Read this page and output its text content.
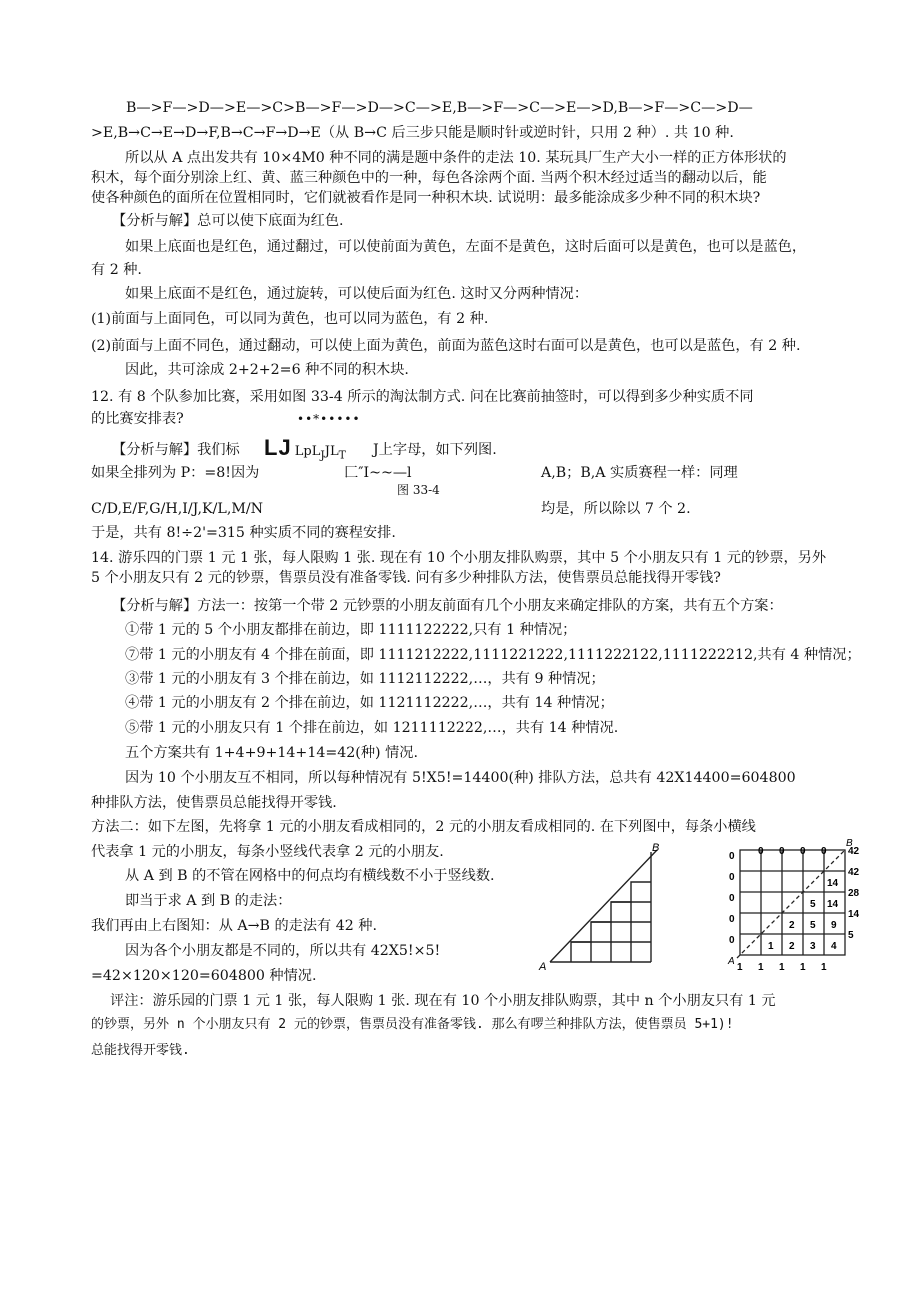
B—>F—>D—>E—>C>B—>F—>D—>C—>E,B—>F—>C—>E—>D,B—>F—>C—>D—
>E,B→C→E→D→F,B→C→F→D→E（从 B→C 后三步只能是顺时针或逆时针，只用 2 种）. 共 10 种.
所以从 A 点出发共有 10×4M0 种不同的满是题中条件的走法 10. 某玩具厂生产大小一样的正方体形状的
积木，每个面分别涂上红、黄、蓝三种颜色中的一种，每色各涂两个面. 当两个积木经过适当的翻动以后，能
使各种颜色的面所在位置相同时，它们就被看作是同一种积木块. 试说明：最多能涂成多少种不同的积木块?
【分析与解】总可以使下底面为红色.
如果上底面也是红色，通过翻过，可以使前面为黄色，左面不是黄色，这时后面可以是黄色，也可以是蓝色，
有 2 种.
如果上底面不是红色，通过旋转，可以使后面为红色. 这时又分两种情况：
(1)前面与上面同色，可以同为黄色，也可以同为蓝色，有 2 种.
(2)前面与上面不同色，通过翻动，可以使上面为黄色，前面为蓝色这时右面可以是黄色，也可以是蓝色，有 2 种.
因此，共可涂成 2+2+2=6 种不同的积木块.
12. 有 8 个队参加比赛，采用如图 33-4 所示的淘汰制方式. 问在比赛前抽签时，可以得到多少种实质不同
的比赛安排表?	••*•••••
【分析与解】我们标 LJ $LpL_JJL_T$ J上字母，如下列图.
如果全排列为 P：=8!因为	匚″I~~—l	A,B；B,A 实质赛程一样：同理
图 33-4
C/D,E/F,G/H,I/J,K/L,M/N	均是，所以除以 7 个 2.
于是，共有 8!÷2'=315 种实质不同的赛程安排.
14. 游乐四的门票 1 元 1 张，每人限购 1 张. 现在有 10 个小朋友排队购票，其中 5 个小朋友只有 1 元的钞票，另外
5 个小朋友只有 2 元的钞票，售票员没有准备零钱. 问有多少种排队方法，使售票员总能找得开零钱?
【分析与解】方法一：按第一个带 2 元钞票的小朋友前面有几个小朋友来确定排队的方案，共有五个方案：
①带 1 元的 5 个小朋友都排在前边，即 1111122222,只有 1 种情况；
⑦带 1 元的小朋友有 4 个排在前面，即 1111212222,1111221222,1111222122,1111222212,共有 4 种情况；
③带 1 元的小朋友有 3 个排在前边，如 1112112222,…，共有 9 种情况；
④带 1 元的小朋友有 2 个排在前边，如 1121112222,…，共有 14 种情况；
⑤带 1 元的小朋友只有 1 个排在前边，如 1211112222,…，共有 14 种情况.
五个方案共有 1+4+9+14+14=42(种) 情况.
因为 10 个小朋友互不相同，所以每种情况有 5!X5!=14400(种) 排队方法，总共有 42X14400=604800
种排队方法，使售票员总能找得开零钱.
方法二：如下左图，先将拿 1 元的小朋友看成相同的，2 元的小朋友看成相同的. 在下列图中，每条小横线
代表拿 1 元的小朋友，每条小竖线代表拿 2 元的小朋友.
从 A 到 B 的不管在网格中的何点均有横线数不小于竖线数.
即当于求 A 到 B 的走法：
我们再由上右图知：从 A→B 的走法有 42 种.
因为各个小朋友都是不同的，所以共有 42X5!×5!
=42×120×120=604800 种情况.
评注：游乐园的门票 1 元 1 张，每人限购 1 张. 现在有 10 个小朋友排队购票，其中 n 个小朋友只有 1 元
的钞票，另外 n 个小朋友只有 2 元的钞票，售票员没有准备零钱. 那么有啰兰种排队方法，使售票员 5+1)!
总能找得开零钱.
A
B
A
B
0
0
0
0
0
0 0 0 0 42
42
28
14
5
14
5 14
2 5 9
1 2 3 4
1 1 1 1 1
